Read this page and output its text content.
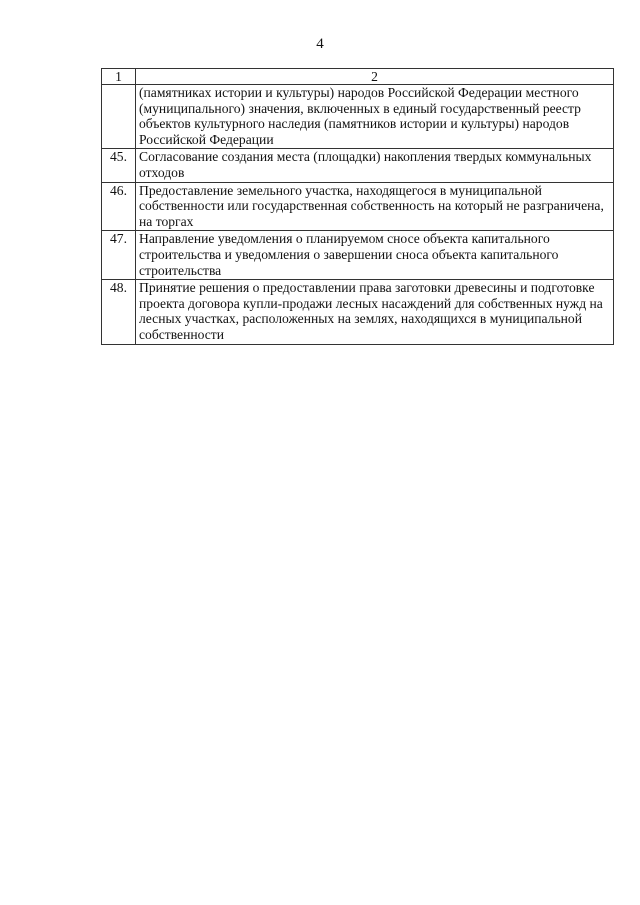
4
1	2
	(памятниках истории и культуры) народов Российской Федерации местного (муниципального) значения, включенных в единый государственный реестр объектов культурного наследия (памятников истории и культуры) народов Российской Федерации
45.	Согласование создания места (площадки) накопления твердых коммунальных отходов
46.	Предоставление земельного участка, находящегося в муниципальной собственности или государственная собственность на который не разграничена, на торгах
47.	Направление уведомления о планируемом сносе объекта капитального строительства и уведомления о завершении сноса объекта капитального строительства
48.	Принятие решения о предоставлении права заготовки древесины и подготовке проекта договора купли-продажи лесных насаждений для собственных нужд на лесных участках, расположенных на землях, находящихся в муниципальной собственности
